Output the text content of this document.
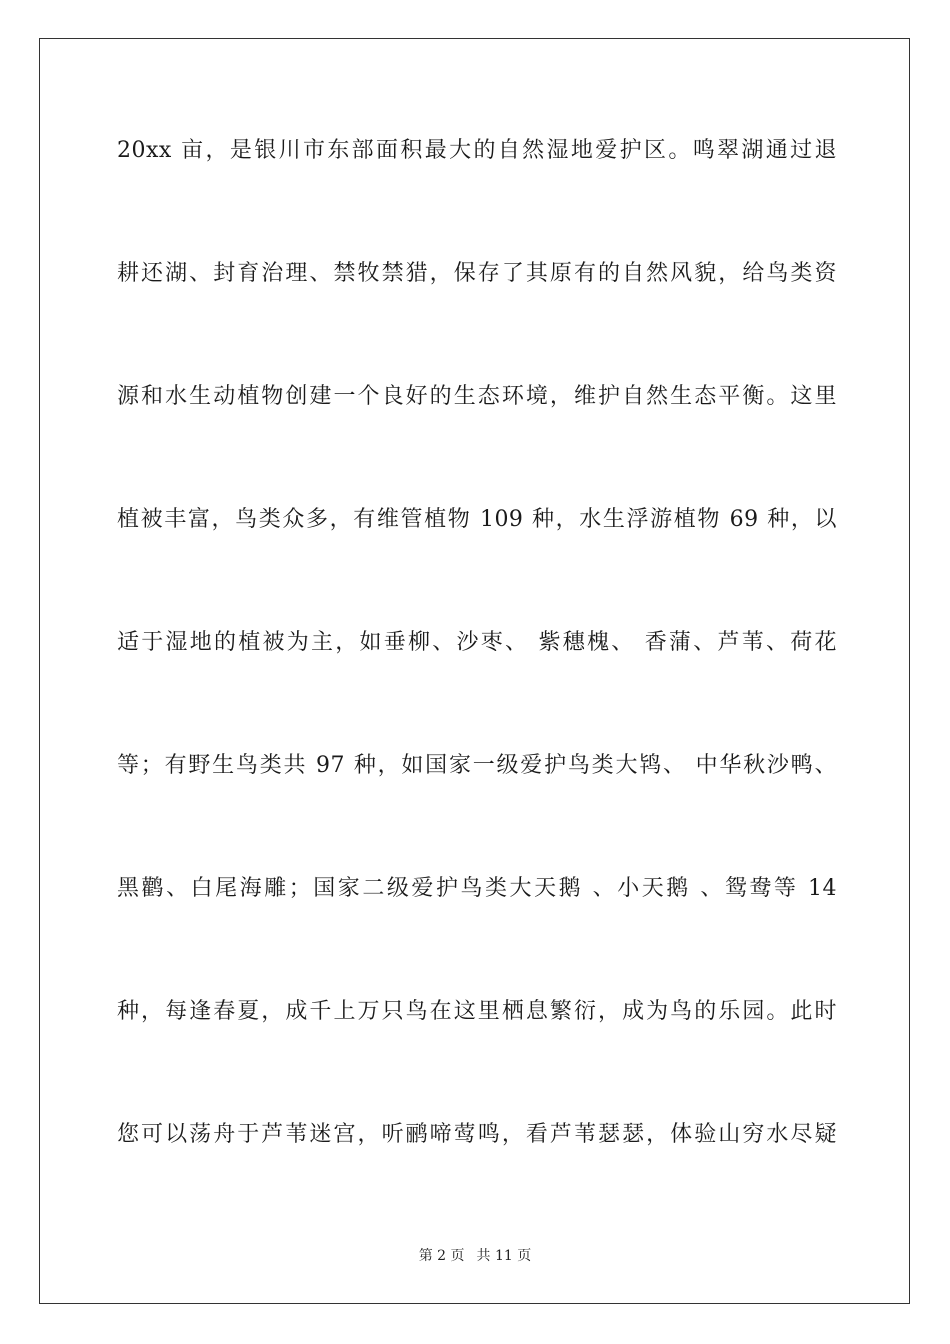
20xx 亩，是银川市东部面积最大的自然湿地爱护区。鸣翠湖通过退
耕还湖、封育治理、禁牧禁猎，保存了其原有的自然风貌，给鸟类资
源和水生动植物创建一个良好的生态环境，维护自然生态平衡。这里
植被丰富，鸟类众多，有维管植物 109 种，水生浮游植物 69 种，以
适于湿地的植被为主，如垂柳、沙枣、 紫穗槐、 香蒲、芦苇、荷花
等；有野生鸟类共 97 种，如国家一级爱护鸟类大鸨、 中华秋沙鸭、
黑鹳、白尾海雕；国家二级爱护鸟类大天鹅 、小天鹅 、鸳鸯等 14
种，每逢春夏，成千上万只鸟在这里栖息繁衍，成为鸟的乐园。此时
您可以荡舟于芦苇迷宫，听鹂啼莺鸣，看芦苇瑟瑟，体验山穷水尽疑
第 2 页 共 11 页
